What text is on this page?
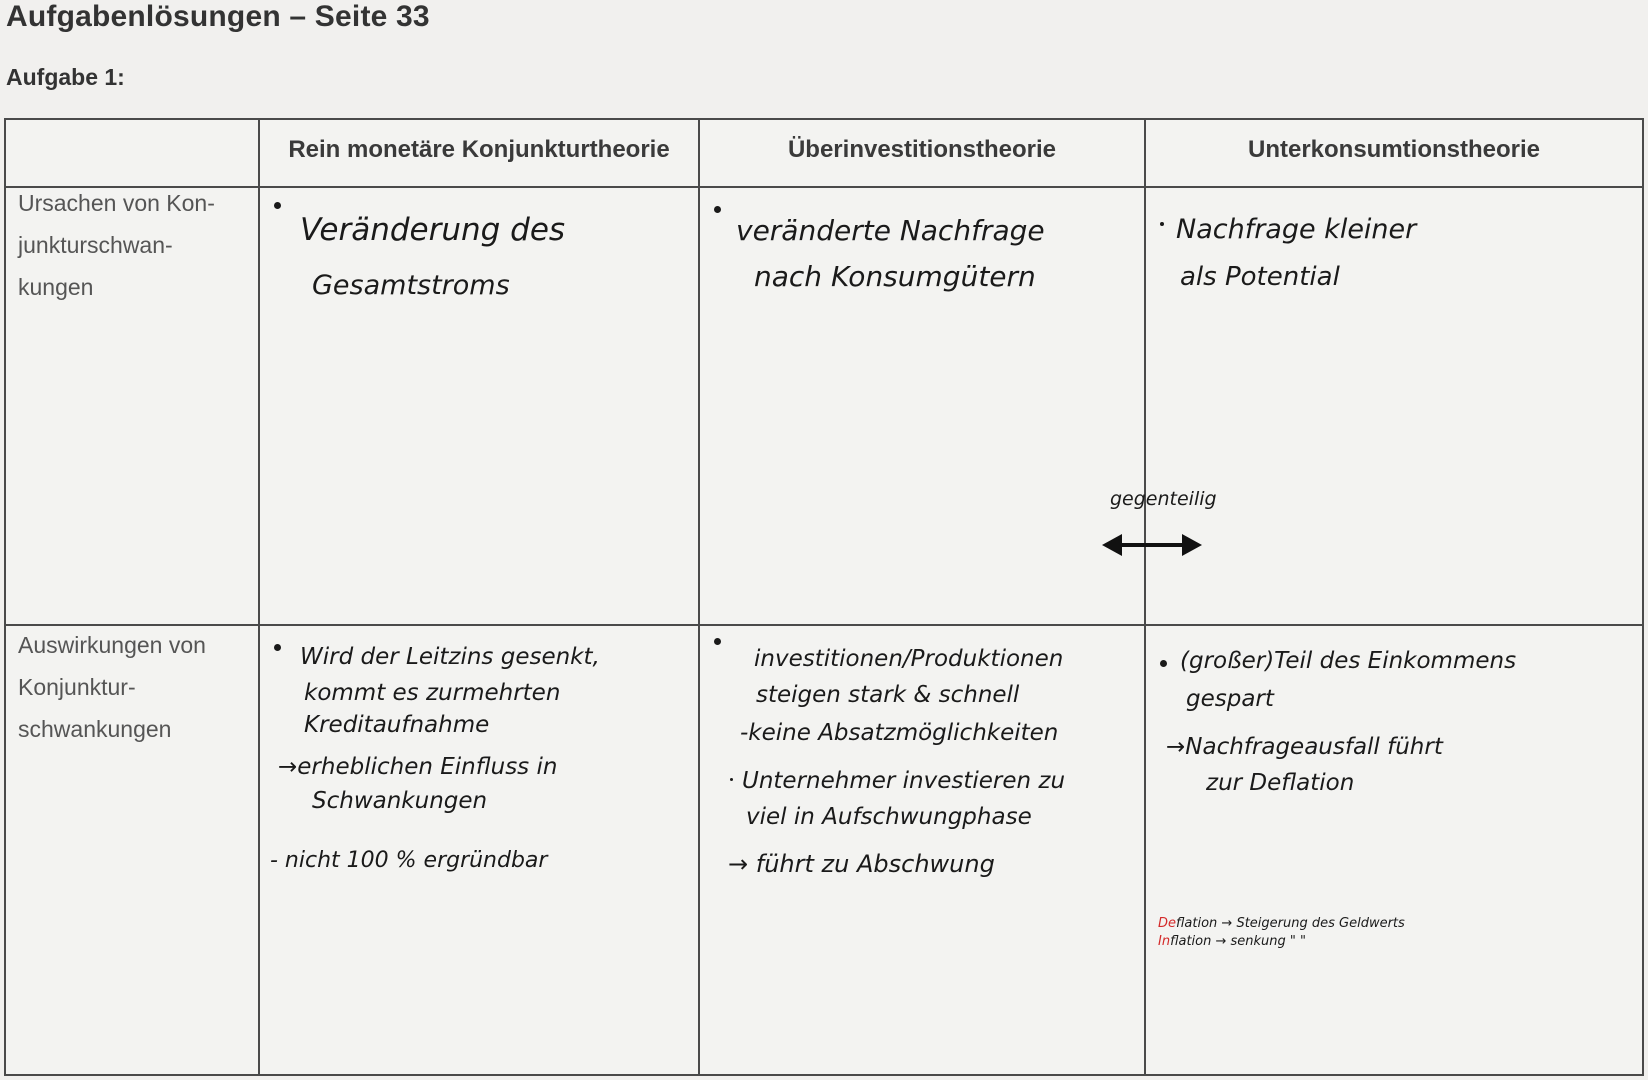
Aufgabenlösungen – Seite 33
Aufgabe 1:
Rein monetäre Konjunkturtheorie	Überinvestitionstheorie	Unterkonsumtionstheorie
Ursachen von Kon-
junkturschwan-
kungen
Veränderung des
Gesamtstroms
veränderte Nachfrage
nach Konsumgütern
Nachfrage kleiner
als Potential
gegenteilig
Auswirkungen von
Konjunktur-
schwankungen
Wird der Leitzins gesenkt,
kommt es zurmehrten
Kreditaufnahme
→erheblichen Einfluss in
Schwankungen
- nicht 100 % ergründbar
investitionen/Produktionen
steigen stark & schnell
-keine Absatzmöglichkeiten
Unternehmer investieren zu
viel in Aufschwungphase
→ führt zu Abschwung
(großer)Teil des Einkommens
gespart
→Nachfrageausfall führt
zur Deflation
Deflation → Steigerung des Geldwerts
Inflation → senkung " "
